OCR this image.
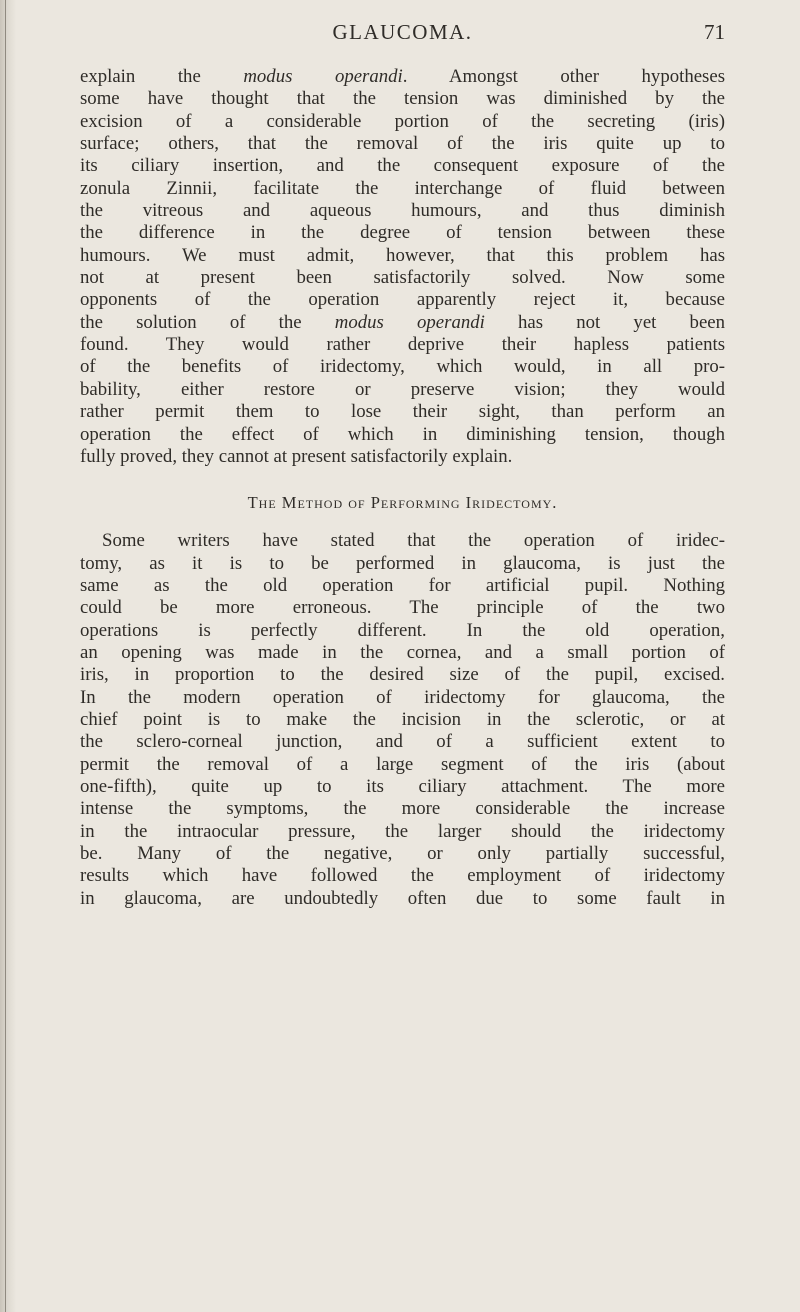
GLAUCOMA.	71
explain the modus operandi. Amongst other hypotheses
some have thought that the tension was diminished by the
excision of a considerable portion of the secreting (iris)
surface; others, that the removal of the iris quite up to
its ciliary insertion, and the consequent exposure of the
zonula Zinnii, facilitate the interchange of fluid between
the vitreous and aqueous humours, and thus diminish
the difference in the degree of tension between these
humours. We must admit, however, that this problem has
not at present been satisfactorily solved. Now some
opponents of the operation apparently reject it, because
the solution of the modus operandi has not yet been
found. They would rather deprive their hapless patients
of the benefits of iridectomy, which would, in all pro-
bability, either restore or preserve vision; they would
rather permit them to lose their sight, than perform an
operation the effect of which in diminishing tension, though
fully proved, they cannot at present satisfactorily explain.
The Method of Performing Iridectomy.
Some writers have stated that the operation of iridec-
tomy, as it is to be performed in glaucoma, is just the
same as the old operation for artificial pupil. Nothing
could be more erroneous. The principle of the two
operations is perfectly different. In the old operation,
an opening was made in the cornea, and a small portion of
iris, in proportion to the desired size of the pupil, excised.
In the modern operation of iridectomy for glaucoma, the
chief point is to make the incision in the sclerotic, or at
the sclero-corneal junction, and of a sufficient extent to
permit the removal of a large segment of the iris (about
one-fifth), quite up to its ciliary attachment. The more
intense the symptoms, the more considerable the increase
in the intraocular pressure, the larger should the iridectomy
be. Many of the negative, or only partially successful,
results which have followed the employment of iridectomy
in glaucoma, are undoubtedly often due to some fault in
